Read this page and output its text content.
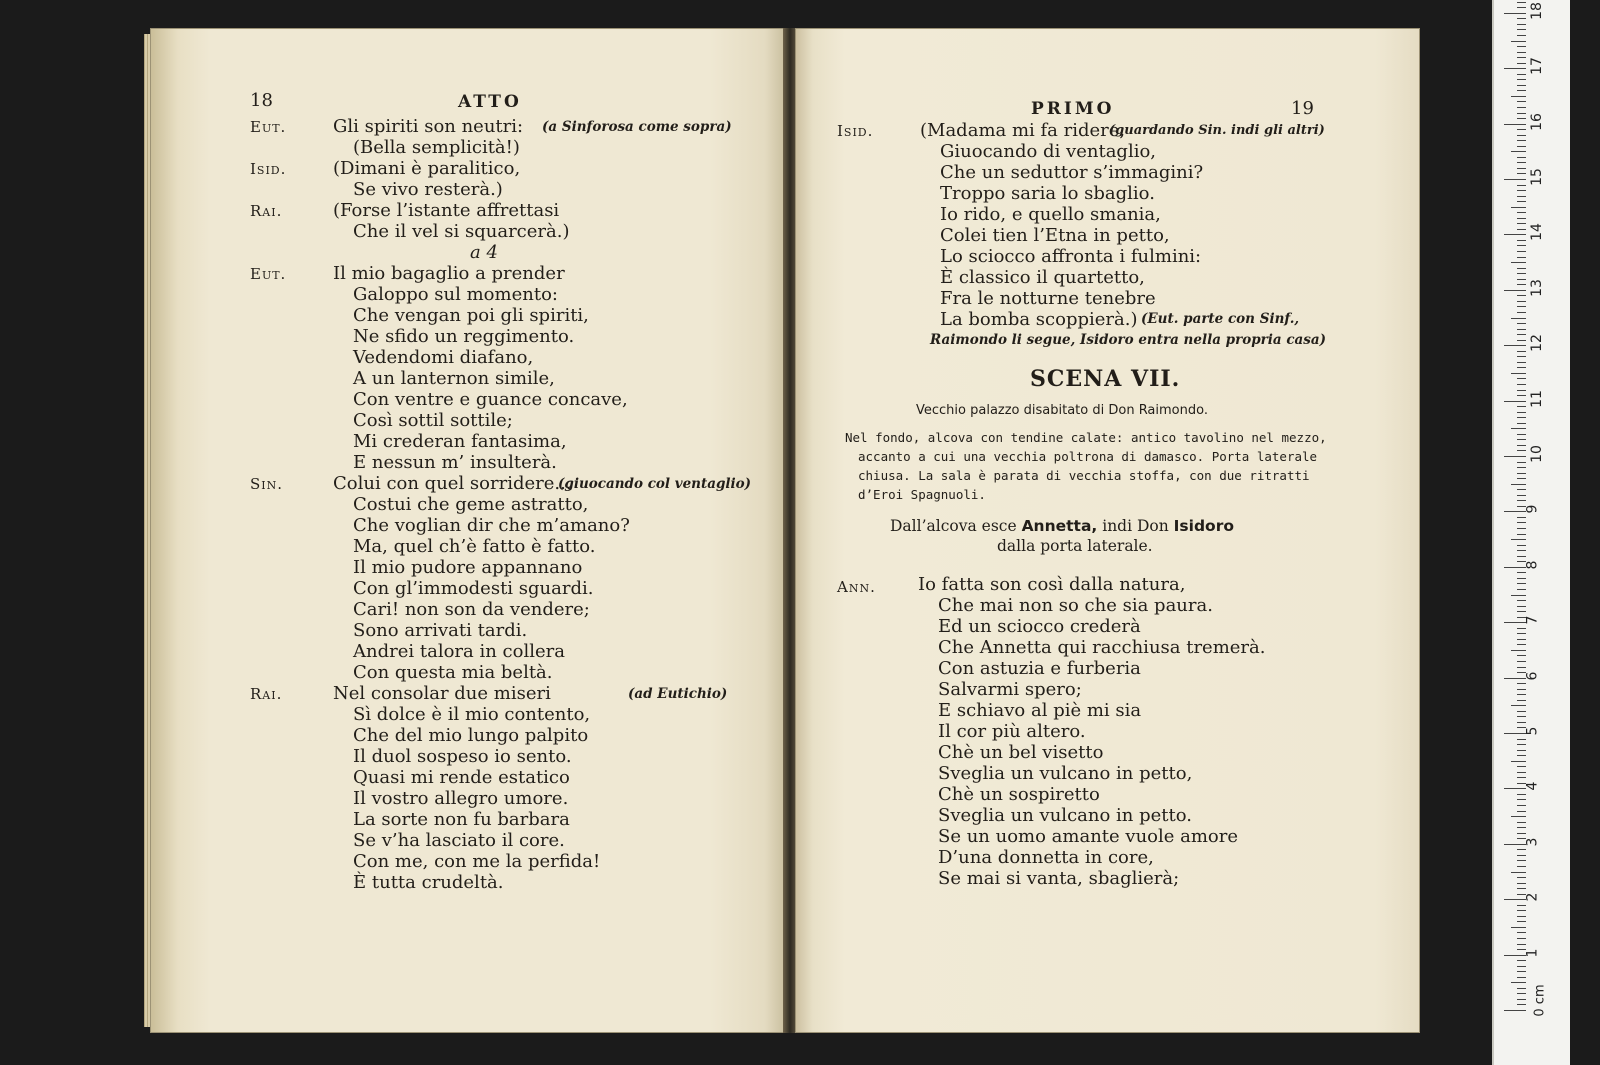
18	ATTO
Eut.	Gli spiriti son neutri: (a Sinforosa come sopra)
(Bella semplicità!)
Isid.	(Dimani è paralitico,
Se vivo resterà.)
Rai.	(Forse l’istante affrettasi
Che il vel si squarcerà.)
a 4
Eut.	Il mio bagaglio a prender
Galoppo sul momento:
Che vengan poi gli spiriti,
Ne sfido un reggimento.
Vedendomi diafano,
A un lanternon simile,
Con ventre e guance concave,
Così sottil sottile;
Mi crederan fantasima,
E nessun m’ insulterà.
Sin.	Colui con quel sorridere...
(giuocando col ventaglio)
Costui che geme astratto,
Che voglian dir che m’amano?
Ma, quel ch’è fatto è fatto.
Il mio pudore appannano
Con gl’immodesti sguardi.
Cari! non son da vendere;
Sono arrivati tardi.
Andrei talora in collera
Con questa mia beltà.
Rai.	Nel consolar due miseri	(ad Eutichio)
Sì dolce è il mio contento,
Che del mio lungo palpito
Il duol sospeso io sento.
Quasi mi rende estatico
Il vostro allegro umore.
La sorte non fu barbara
Se v’ha lasciato il core.
Con me, con me la perfida!
È tutta crudeltà.
PRIMO	19
Isid.	(Madama mi fa ridere,
(guardando Sin. indi gli altri)
Giuocando di ventaglio,
Che un seduttor s’immagini?
Troppo saria lo sbaglio.
Io rido, e quello smania,
Colei tien l’Etna in petto,
Lo sciocco affronta i fulmini:
È classico il quartetto,
Fra le notturne tenebre
La bomba scoppierà.) (Eut. parte con Sinf.,
Raimondo li segue, Isidoro entra nella propria casa)
SCENA VII.
Vecchio palazzo disabitato di Don Raimondo.
Nel fondo, alcova con tendine calate: antico tavolino nel mezzo,
accanto a cui una vecchia poltrona di damasco. Porta laterale
chiusa. La sala è parata di vecchia stoffa, con due ritratti
d’Eroi Spagnuoli.
Dall’alcova esce Annetta, indi Don Isidoro
dalla porta laterale.
Ann. Io fatta son così dalla natura,
Che mai non so che sia paura.
Ed un sciocco crederà
Che Annetta qui racchiusa tremerà.
Con astuzia e furberia
Salvarmi spero;
E schiavo al piè mi sia
Il cor più altero.
Chè un bel visetto
Sveglia un vulcano in petto,
Chè un sospiretto
Sveglia un vulcano in petto.
Se un uomo amante vuole amore
D’una donnetta in core,
Se mai si vanta, sbaglierà;
1
2
3
4
5
6
7
8
9
10
11
12
13
14
15
16
17
18
0 cm
